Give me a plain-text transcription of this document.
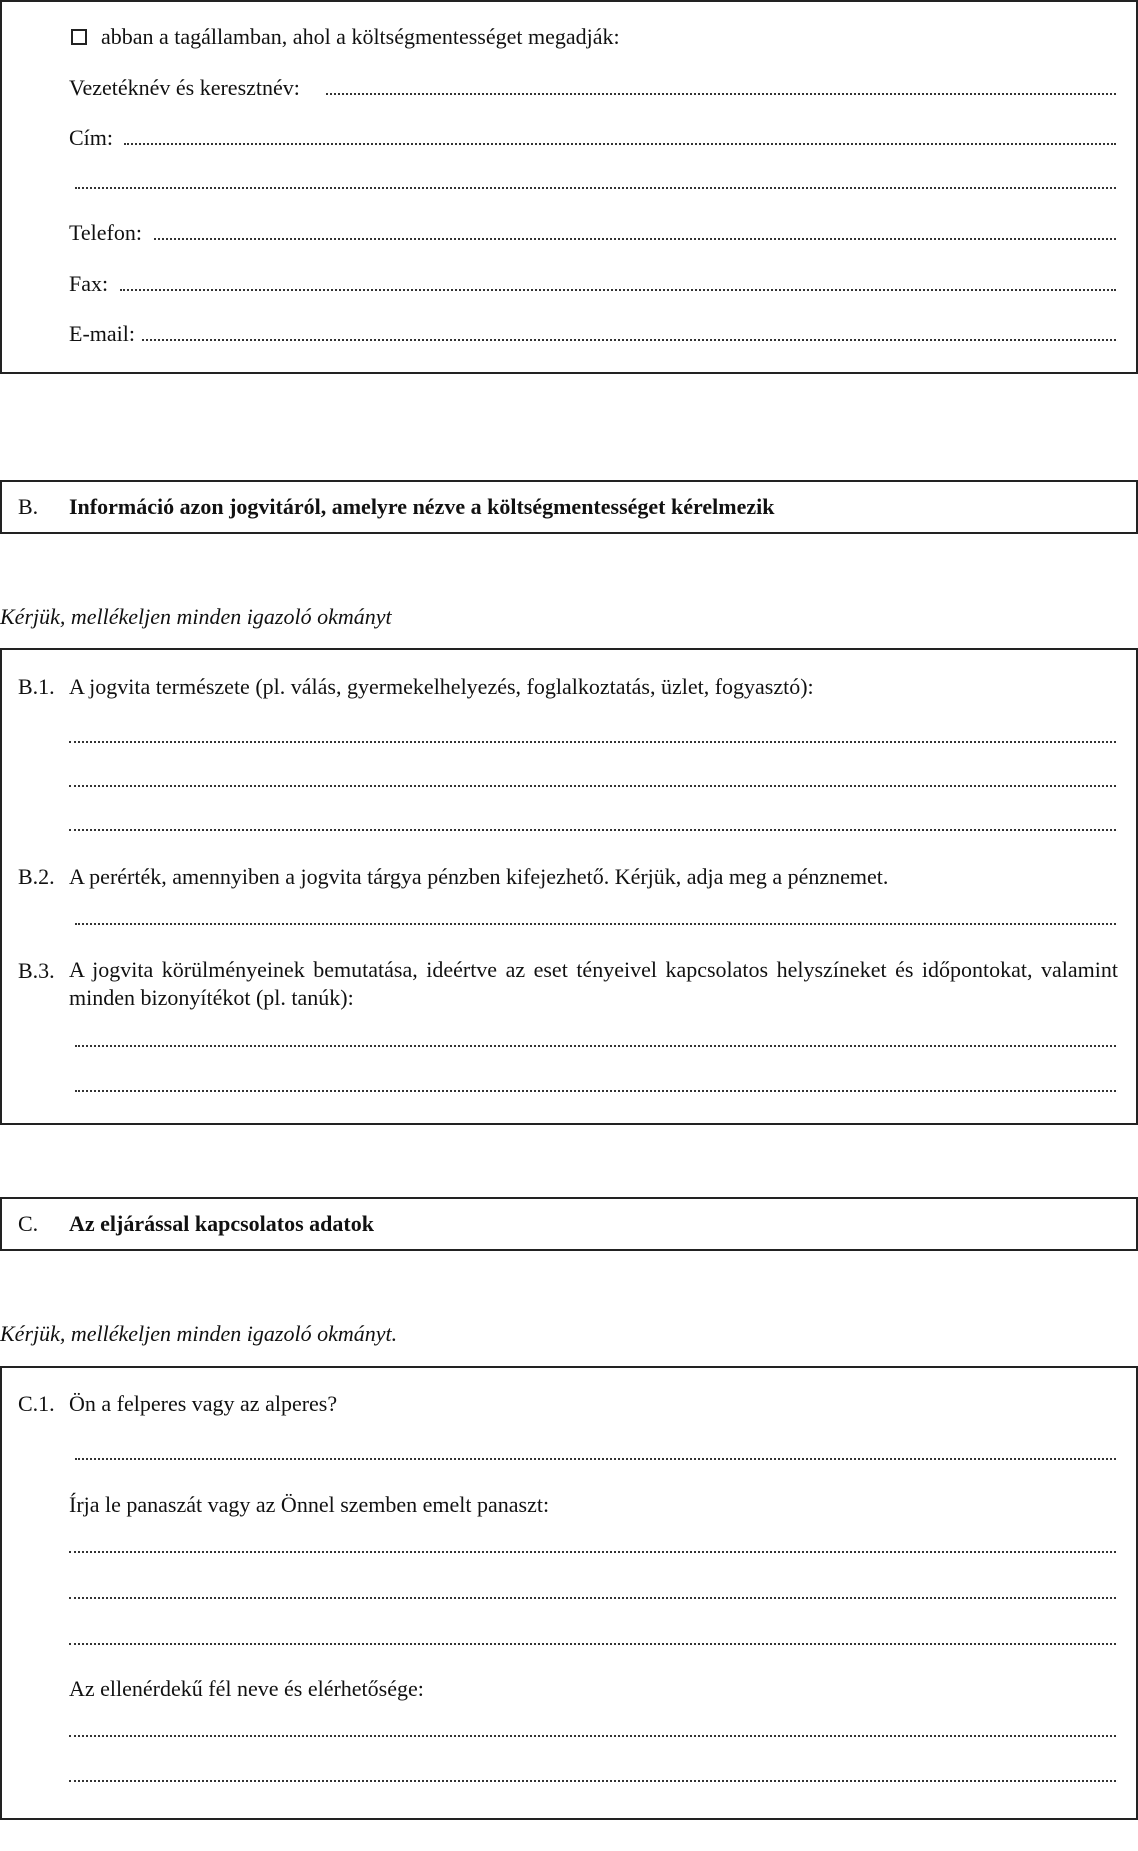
abban a tagállamban, ahol a költségmentességet megadják:
Vezetéknév és keresztnév:
Cím:
Telefon:
Fax:
E-mail:
B. Információ azon jogvitáról, amelyre nézve a költségmentességet kérelmezik
Kérjük, mellékeljen minden igazoló okmányt
B.1. A jogvita természete (pl. válás, gyermekelhelyezés, foglalkoztatás, üzlet, fogyasztó):
B.2. A perérték, amennyiben a jogvita tárgya pénzben kifejezhető. Kérjük, adja meg a pénznemet.
B.3. A jogvita körülményeinek bemutatása, ideértve az eset tényeivel kapcsolatos helyszíneket és időpontokat, valamint minden bizonyítékot (pl. tanúk):
C. Az eljárással kapcsolatos adatok
Kérjük, mellékeljen minden igazoló okmányt.
C.1. Ön a felperes vagy az alperes?
Írja le panaszát vagy az Önnel szemben emelt panaszt:
Az ellenérdekű fél neve és elérhetősége:
